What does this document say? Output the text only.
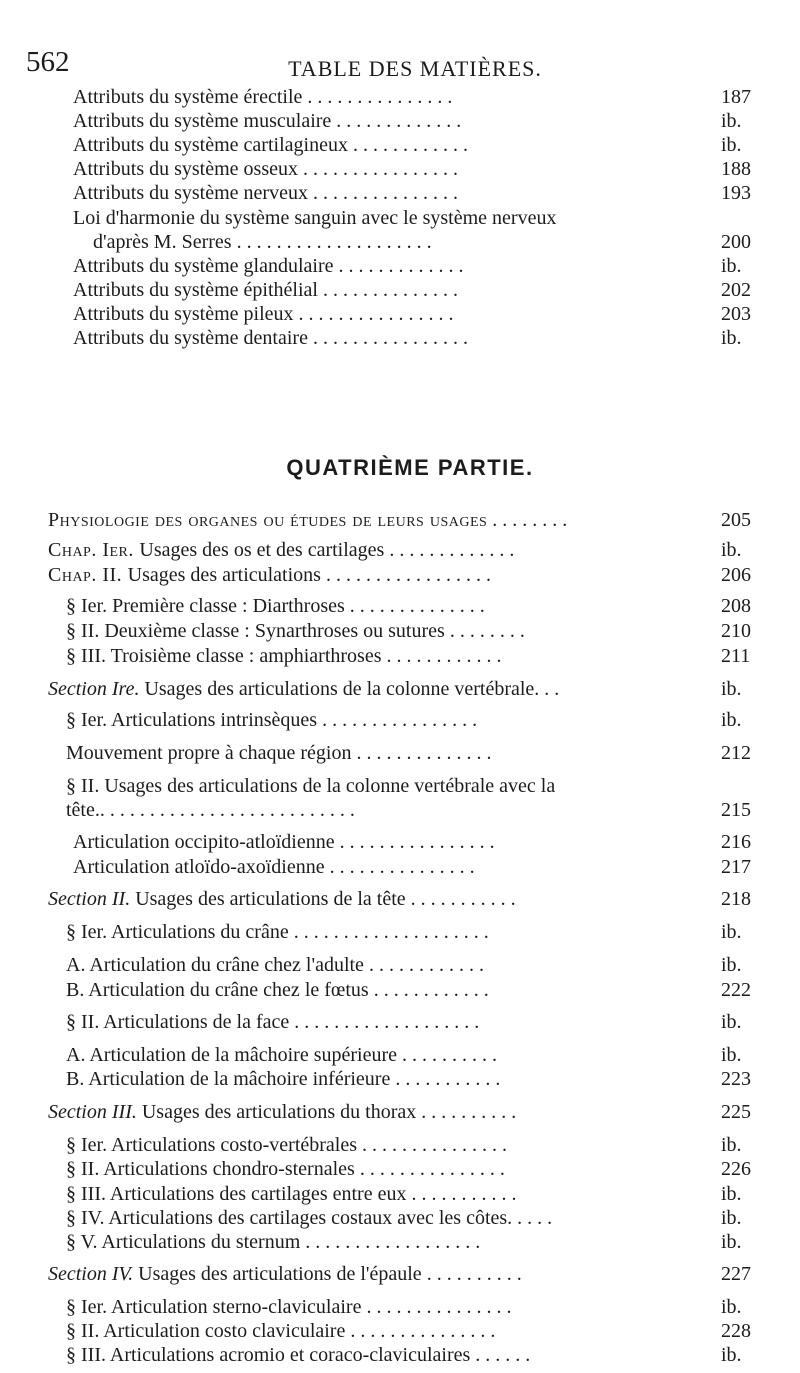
562	TABLE DES MATIÈRES.
Attributs du système érectile . . . . . . . . . . . . . . .	187
Attributs du système musculaire . . . . . . . . . . . . .	ib.
Attributs du système cartilagineux . . . . . . . . . . . .	ib.
Attributs du système osseux . . . . . . . . . . . . . . . .	188
Attributs du système nerveux . . . . . . . . . . . . . . .	193
Loi d'harmonie du système sanguin avec le système nerveux
d'après M. Serres . . . . . . . . . . . . . . . . . . . .	200
Attributs du système glandulaire . . . . . . . . . . . . .	ib.
Attributs du système épithélial . . . . . . . . . . . . . .	202
Attributs du système pileux . . . . . . . . . . . . . . . .	203
Attributs du système dentaire . . . . . . . . . . . . . . . .	ib.
QUATRIÈME PARTIE.
Physiologie des organes ou études de leurs usages . . . . . . . .	205
Chap. Ier. Usages des os et des cartilages . . . . . . . . . . . . .	ib.
Chap. II. Usages des articulations . . . . . . . . . . . . . . . . .	206
§ Ier. Première classe : Diarthroses . . . . . . . . . . . . . .	208
§ II. Deuxième classe : Synarthroses ou sutures . . . . . . . .	210
§ III. Troisième classe : amphiarthroses . . . . . . . . . . . .	211
Section Ire. Usages des articulations de la colonne vertébrale. . .	ib.
§ Ier. Articulations intrinsèques . . . . . . . . . . . . . . . .	ib.
Mouvement propre à chaque région . . . . . . . . . . . . . .	212
§ II. Usages des articulations de la colonne vertébrale avec la
tête.. . . . . . . . . . . . . . . . . . . . . . . . . .	215
Articulation occipito-atloïdienne . . . . . . . . . . . . . . . .	216
Articulation atloïdo-axoïdienne . . . . . . . . . . . . . . .	217
Section II. Usages des articulations de la tête . . . . . . . . . . .	218
§ Ier. Articulations du crâne . . . . . . . . . . . . . . . . . . . .	ib.
A. Articulation du crâne chez l'adulte . . . . . . . . . . . .	ib.
B. Articulation du crâne chez le fœtus . . . . . . . . . . . .	222
§ II. Articulations de la face . . . . . . . . . . . . . . . . . . .	ib.
A. Articulation de la mâchoire supérieure . . . . . . . . . .	ib.
B. Articulation de la mâchoire inférieure . . . . . . . . . . .	223
Section III. Usages des articulations du thorax . . . . . . . . . .	225
§ Ier. Articulations costo-vertébrales . . . . . . . . . . . . . . .	ib.
§ II. Articulations chondro-sternales . . . . . . . . . . . . . . .	226
§ III. Articulations des cartilages entre eux . . . . . . . . . . .	ib.
§ IV. Articulations des cartilages costaux avec les côtes. . . . .	ib.
§ V. Articulations du sternum . . . . . . . . . . . . . . . . . .	ib.
Section IV. Usages des articulations de l'épaule . . . . . . . . . .	227
§ Ier. Articulation sterno-claviculaire . . . . . . . . . . . . . . .	ib.
§ II. Articulation costo claviculaire . . . . . . . . . . . . . . .	228
§ III. Articulations acromio et coraco-claviculaires . . . . . .	ib.
